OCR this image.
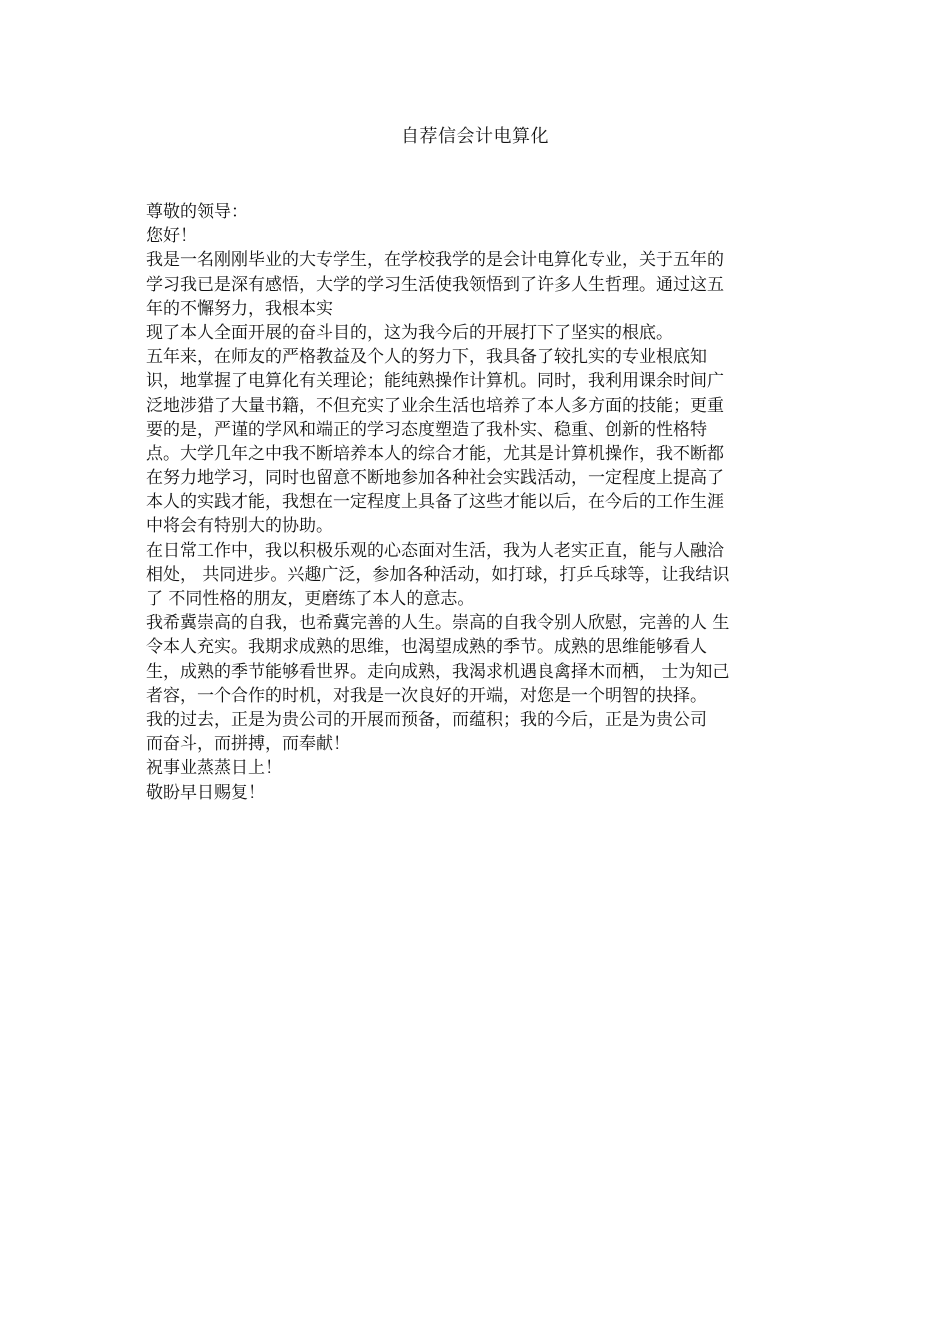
自荐信会计电算化
尊敬的领导：
您好！
我是一名刚刚毕业的大专学生，在学校我学的是会计电算化专业，关于五年的
学习我已是深有感悟，大学的学习生活使我领悟到了许多人生哲理。通过这五
年的不懈努力，我根本实
现了本人全面开展的奋斗目的，这为我今后的开展打下了坚实的根底。
五年来，在师友的严格教益及个人的努力下，我具备了较扎实的专业根底知
识，地掌握了电算化有关理论；能纯熟操作计算机。同时，我利用课余时间广
泛地涉猎了大量书籍，不但充实了业余生活也培养了本人多方面的技能；更重
要的是，严谨的学风和端正的学习态度塑造了我朴实、稳重、创新的性格特
点。大学几年之中我不断培养本人的综合才能，尤其是计算机操作，我不断都
在努力地学习，同时也留意不断地参加各种社会实践活动，一定程度上提高了
本人的实践才能，我想在一定程度上具备了这些才能以后，在今后的工作生涯
中将会有特别大的协助。
在日常工作中，我以积极乐观的心态面对生活，我为人老实正直，能与人融洽
相处， 共同进步。兴趣广泛，参加各种活动，如打球，打乒乓球等，让我结识
了 不同性格的朋友，更磨练了本人的意志。
我希冀崇高的自我，也希冀完善的人生。崇高的自我令别人欣慰，完善的人 生
令本人充实。我期求成熟的思维，也渴望成熟的季节。成熟的思维能够看人
生，成熟的季节能够看世界。走向成熟，我渴求机遇良禽择木而栖， 士为知己
者容，一个合作的时机，对我是一次良好的开端，对您是一个明智的抉择。
我的过去，正是为贵公司的开展而预备，而蕴积；我的今后，正是为贵公司
而奋斗，而拼搏，而奉献！
祝事业蒸蒸日上！
敬盼早日赐复！
